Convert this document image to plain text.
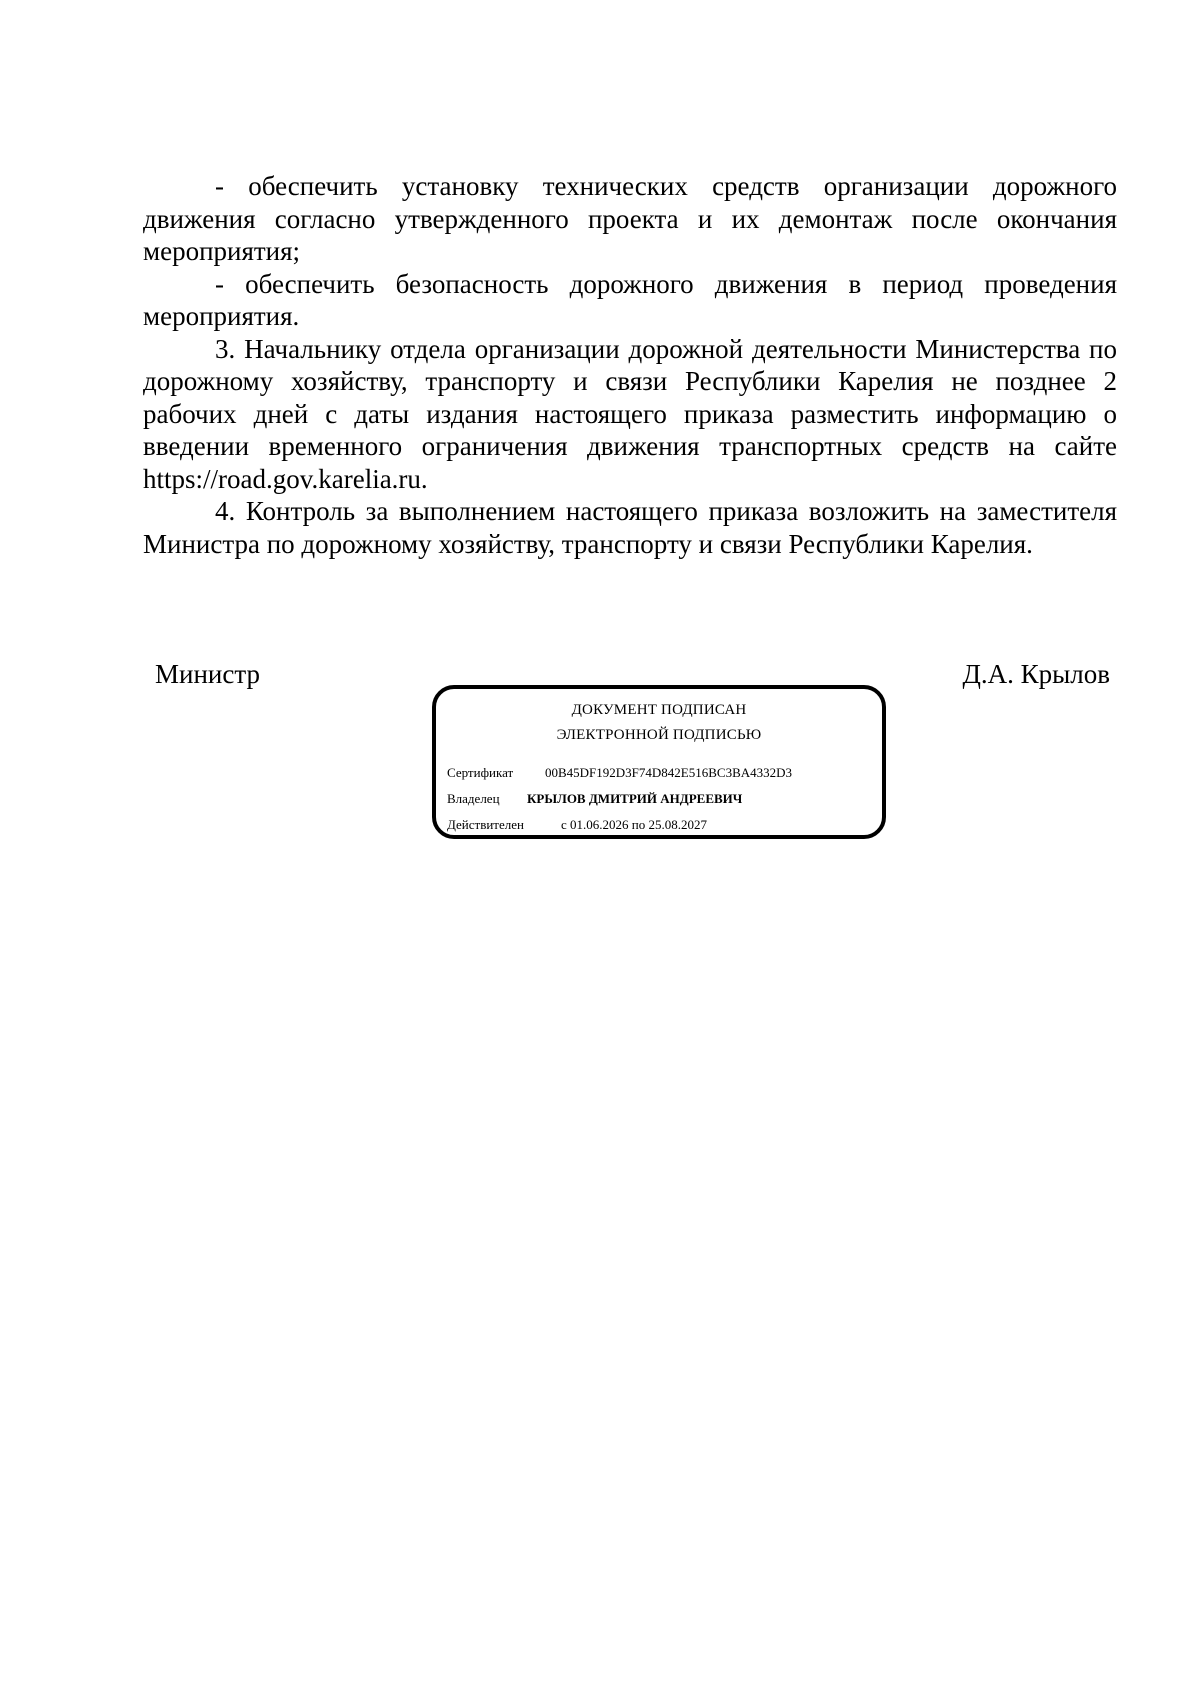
- обеспечить установку технических средств организации дорожного движения согласно утвержденного проекта и их демонтаж после окончания мероприятия;

- обеспечить безопасность дорожного движения в период проведения мероприятия.

3. Начальнику отдела организации дорожной деятельности Министерства по дорожному хозяйству, транспорту и связи Республики Карелия не позднее 2 рабочих дней с даты издания настоящего приказа разместить информацию о введении временного ограничения движения транспортных средств на сайте https://road.gov.karelia.ru.

4. Контроль за выполнением настоящего приказа возложить на заместителя Министра по дорожному хозяйству, транспорту и связи Республики Карелия.

Министр	Д.А. Крылов
ДОКУМЕНТ ПОДПИСАН
ЭЛЕКТРОННОЙ ПОДПИСЬЮ
Сертификат 00B45DF192D3F74D842E516BC3BA4332D3
Владелец КРЫЛОВ ДМИТРИЙ АНДРЕЕВИЧ
Действителен	с 01.06.2026 по 25.08.2027
